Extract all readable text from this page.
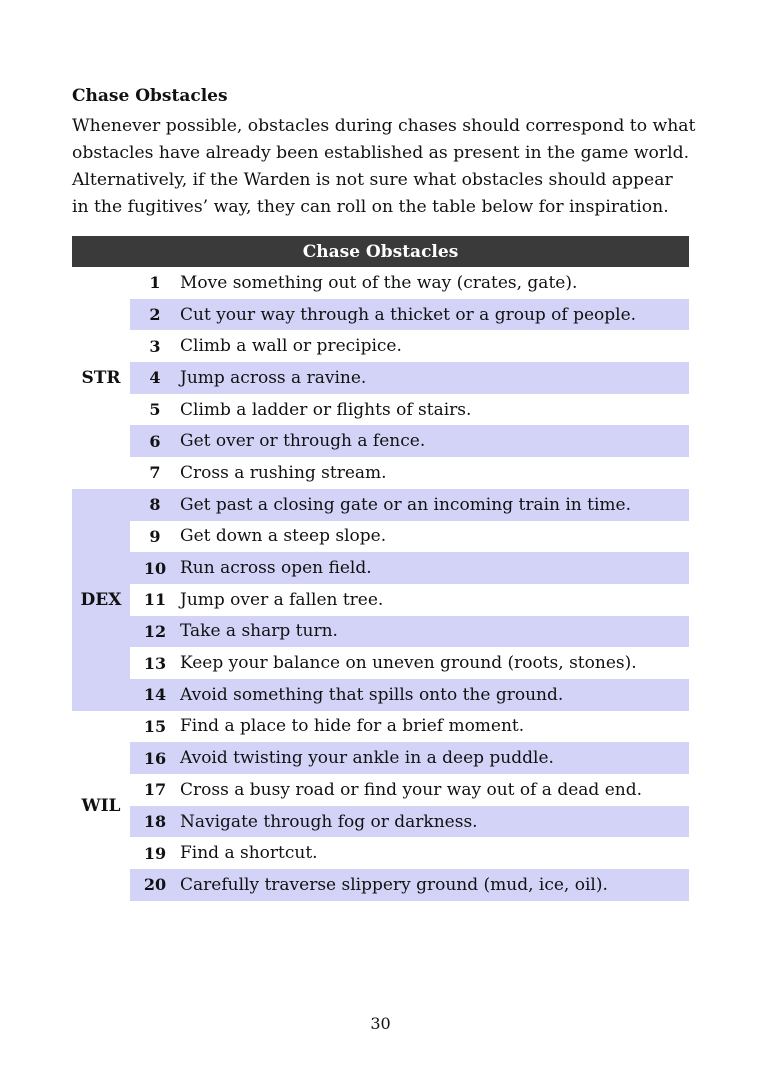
Chase Obstacles

Whenever possible, obstacles during chases should correspond to what

obstacles have already been established as present in the game world.

Alternatively, if the Warden is not sure what obstacles should appear

in the fugitives’ way, they can roll on the table below for inspiration.

Chase Obstacles
STR
1	Move something out of the way (crates, gate).
2	Cut your way through a thicket or a group of people.
3	Climb a wall or precipice.
4	Jump across a ravine.
5	Climb a ladder or flights of stairs.
6	Get over or through a fence.
7	Cross a rushing stream.
DEX
8	Get past a closing gate or an incoming train in time.
9	Get down a steep slope.
10 Run across open field.
11 Jump over a fallen tree.
12 Take a sharp turn.
13 Keep your balance on uneven ground (roots, stones).
14 Avoid something that spills onto the ground.
WIL
15 Find a place to hide for a brief moment.
16 Avoid twisting your ankle in a deep puddle.
17 Cross a busy road or find your way out of a dead end.
18 Navigate through fog or darkness.
19 Find a shortcut.
20 Carefully traverse slippery ground (mud, ice, oil).
30
